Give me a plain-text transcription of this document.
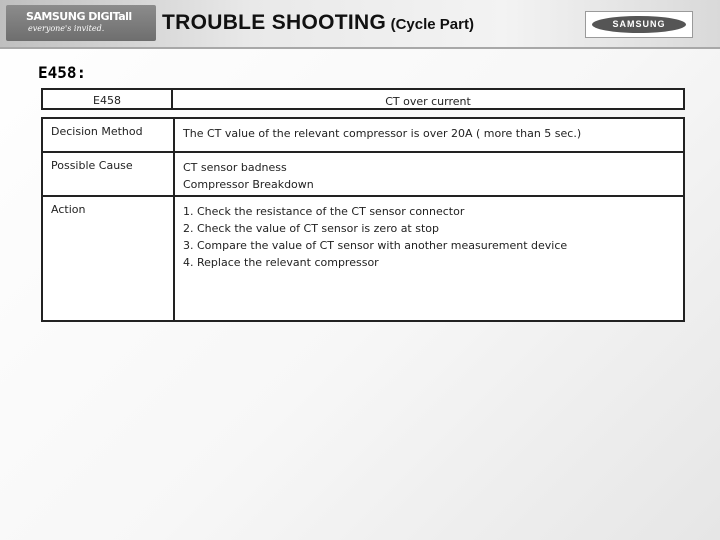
SAMSUNG DIGITall
everyone's invited.	TROUBLE SHOOTING (Cycle Part)	SAMSUNG
E458:
E458	CT over current
Decision Method	The CT value of the relevant compressor is over 20A ( more than 5 sec.)
Possible Cause	CT sensor badness
Compressor Breakdown
Action	1. Check the resistance of the CT sensor connector
2. Check the value of CT sensor is zero at stop
3. Compare the value of CT sensor with another measurement device
4. Replace the relevant compressor
